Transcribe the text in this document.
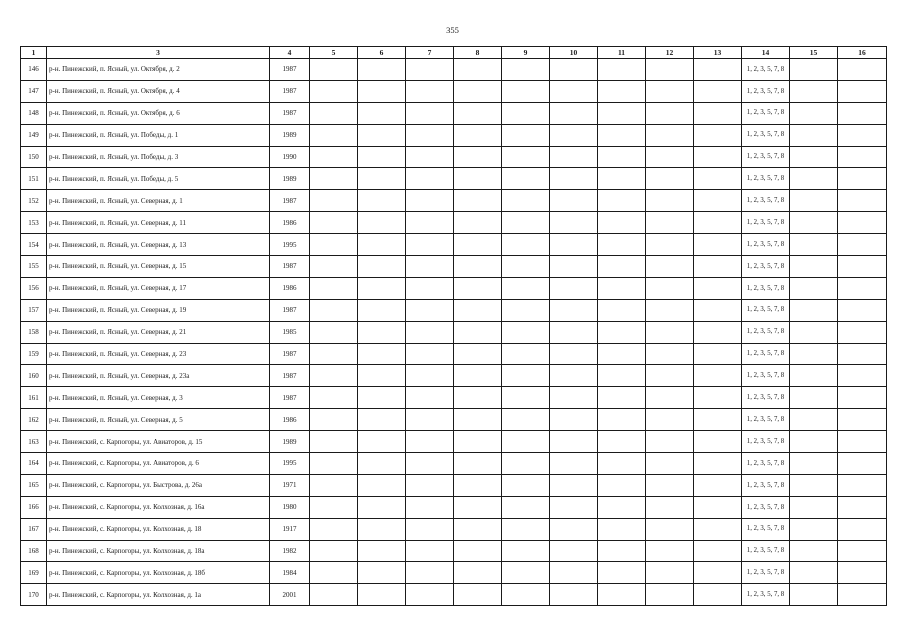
355
1	3	4	5	6	7	8	9	10	11	12	13	14	15	16
146	р-н. Пинежский, п. Ясный, ул. Октября, д. 2	1987										1, 2, 3, 5, 7, 8		
147	р-н. Пинежский, п. Ясный, ул. Октября, д. 4	1987										1, 2, 3, 5, 7, 8		
148	р-н. Пинежский, п. Ясный, ул. Октября, д. 6	1987										1, 2, 3, 5, 7, 8		
149	р-н. Пинежский, п. Ясный, ул. Победы, д. 1	1989										1, 2, 3, 5, 7, 8		
150	р-н. Пинежский, п. Ясный, ул. Победы, д. 3	1990										1, 2, 3, 5, 7, 8		
151	р-н. Пинежский, п. Ясный, ул. Победы, д. 5	1989										1, 2, 3, 5, 7, 8		
152	р-н. Пинежский, п. Ясный, ул. Северная, д. 1	1987										1, 2, 3, 5, 7, 8		
153	р-н. Пинежский, п. Ясный, ул. Северная, д. 11	1986										1, 2, 3, 5, 7, 8		
154	р-н. Пинежский, п. Ясный, ул. Северная, д. 13	1995										1, 2, 3, 5, 7, 8		
155	р-н. Пинежский, п. Ясный, ул. Северная, д. 15	1987										1, 2, 3, 5, 7, 8		
156	р-н. Пинежский, п. Ясный, ул. Северная, д. 17	1986										1, 2, 3, 5, 7, 8		
157	р-н. Пинежский, п. Ясный, ул. Северная, д. 19	1987										1, 2, 3, 5, 7, 8		
158	р-н. Пинежский, п. Ясный, ул. Северная, д. 21	1985										1, 2, 3, 5, 7, 8		
159	р-н. Пинежский, п. Ясный, ул. Северная, д. 23	1987										1, 2, 3, 5, 7, 8		
160	р-н. Пинежский, п. Ясный, ул. Северная, д. 23а	1987										1, 2, 3, 5, 7, 8		
161	р-н. Пинежский, п. Ясный, ул. Северная, д. 3	1987										1, 2, 3, 5, 7, 8		
162	р-н. Пинежский, п. Ясный, ул. Северная, д. 5	1986										1, 2, 3, 5, 7, 8		
163	р-н. Пинежский, с. Карпогоры, ул. Авиаторов, д. 15	1989										1, 2, 3, 5, 7, 8		
164	р-н. Пинежский, с. Карпогоры, ул. Авиаторов, д. 6	1995										1, 2, 3, 5, 7, 8		
165	р-н. Пинежский, с. Карпогоры, ул. Быстрова, д. 26а	1971										1, 2, 3, 5, 7, 8		
166	р-н. Пинежский, с. Карпогоры, ул. Колхозная, д. 16а	1980										1, 2, 3, 5, 7, 8		
167	р-н. Пинежский, с. Карпогоры, ул. Колхозная, д. 18	1917										1, 2, 3, 5, 7, 8		
168	р-н. Пинежский, с. Карпогоры, ул. Колхозная, д. 18а	1982										1, 2, 3, 5, 7, 8		
169	р-н. Пинежский, с. Карпогоры, ул. Колхозная, д. 18б	1984										1, 2, 3, 5, 7, 8		
170	р-н. Пинежский, с. Карпогоры, ул. Колхозная, д. 1а	2001										1, 2, 3, 5, 7, 8		
